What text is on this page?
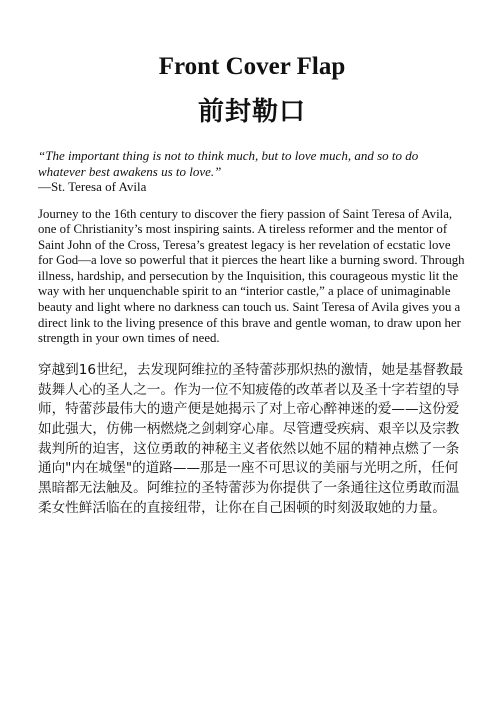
Front Cover Flap
前封勒口

“The important thing is not to think much, but to love much, and so to do whatever best awakens us to love.”

—St. Teresa of Avila

Journey to the 16th century to discover the fiery passion of Saint Teresa of Avila, one of Christianity’s most inspiring saints. A tireless reformer and the mentor of Saint John of the Cross, Teresa’s greatest legacy is her revelation of ecstatic love for God—a love so powerful that it pierces the heart like a burning sword. Through illness, hardship, and persecution by the Inquisition, this courageous mystic lit the way with her unquenchable spirit to an “interior castle,” a place of unimaginable beauty and light where no darkness can touch us. Saint Teresa of Avila gives you a direct link to the living presence of this brave and gentle woman, to draw upon her strength in your own times of need.

穿越到16世纪，去发现阿维拉的圣特蕾莎那炽热的激情，她是基督教最鼓舞人心的圣人之一。作为一位不知疲倦的改革者以及圣十字若望的导师，特蕾莎最伟大的遗产便是她揭示了对上帝心醉神迷的爱——这份爱如此强大，仿佛一柄燃烧之剑刺穿心扉。尽管遭受疾病、艰辛以及宗教裁判所的迫害，这位勇敢的神秘主义者依然以她不屈的精神点燃了一条通向"内在城堡"的道路——那是一座不可思议的美丽与光明之所，任何黑暗都无法触及。阿维拉的圣特蕾莎为你提供了一条通往这位勇敢而温柔女性鲜活临在的直接纽带，让你在自己困顿的时刻汲取她的力量。
